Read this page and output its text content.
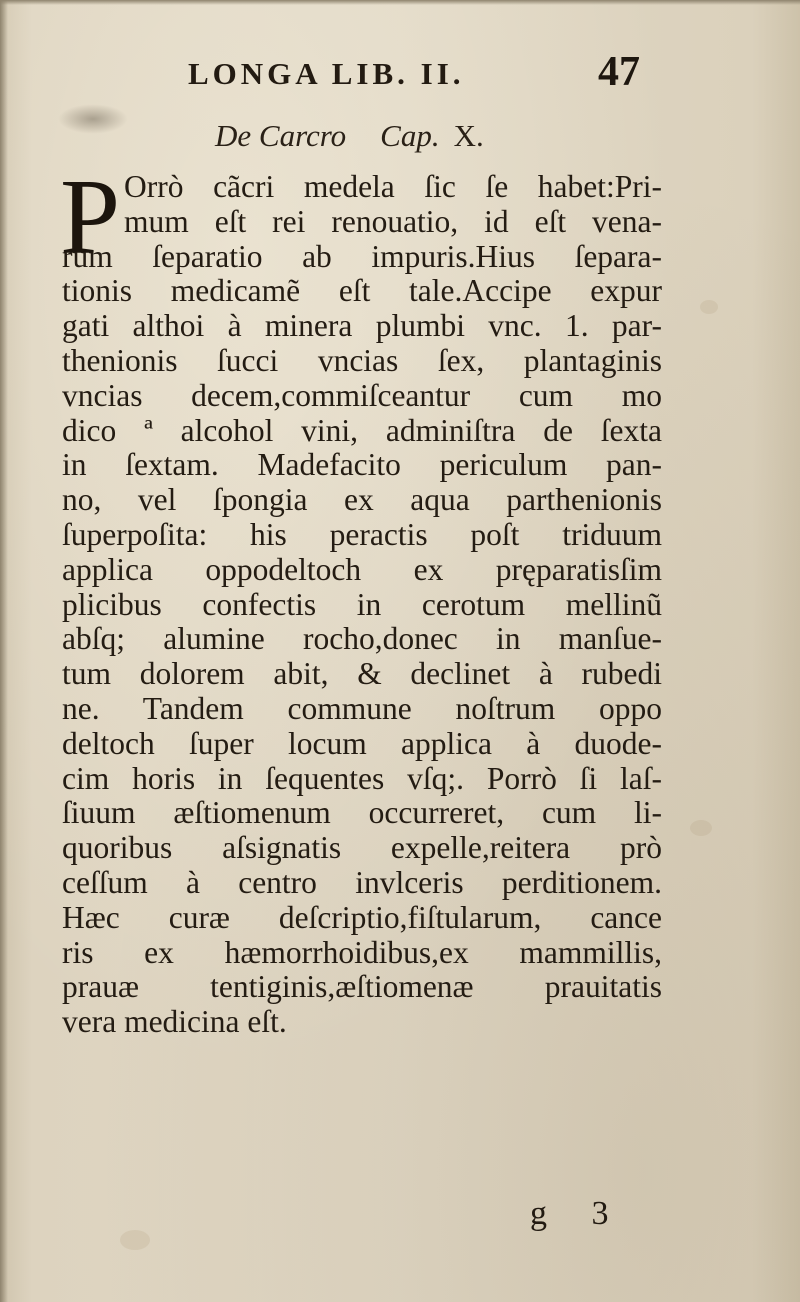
LONGA LIB. II.	47
De Carcro Cap. X.
P Orrò cãcri medela ſic ſe habet:Pri-
mum eſt rei renouatio, id eſt vena-
rum ſeparatio ab impuris.Hius ſepara-
tionis medicamẽ eſt tale.Accipe expur
gati althoi à minera plumbi vnc. 1. par-
thenionis ſucci vncias ſex, plantaginis
vncias decem,commiſceantur cum mo
dico ª alcohol vini, adminiſtra de ſexta
in ſextam. Madefacito periculum pan-
no, vel ſpongia ex aqua parthenionis
ſuperpoſita: his peractis poſt triduum
applica oppodeltoch ex pręparatisſim
plicibus confectis in cerotum mellinũ
abſq; alumine rocho,donec in manſue-
tum dolorem abit, & declinet à rubedi
ne. Tandem commune noſtrum oppo
deltoch ſuper locum applica à duode-
cim horis in ſequentes vſq;. Porrò ſi laſ-
ſiuum æſtiomenum occurreret, cum li-
quoribus aſsignatis expelle,reitera prò
ceſſum à centro invlceris perditionem.
Hæc curæ deſcriptio,fiſtularum, cance
ris ex hæmorrhoidibus,ex mammillis,
prauæ tentiginis,æſtiomenæ prauitatis
vera medicina eſt.
g 3
